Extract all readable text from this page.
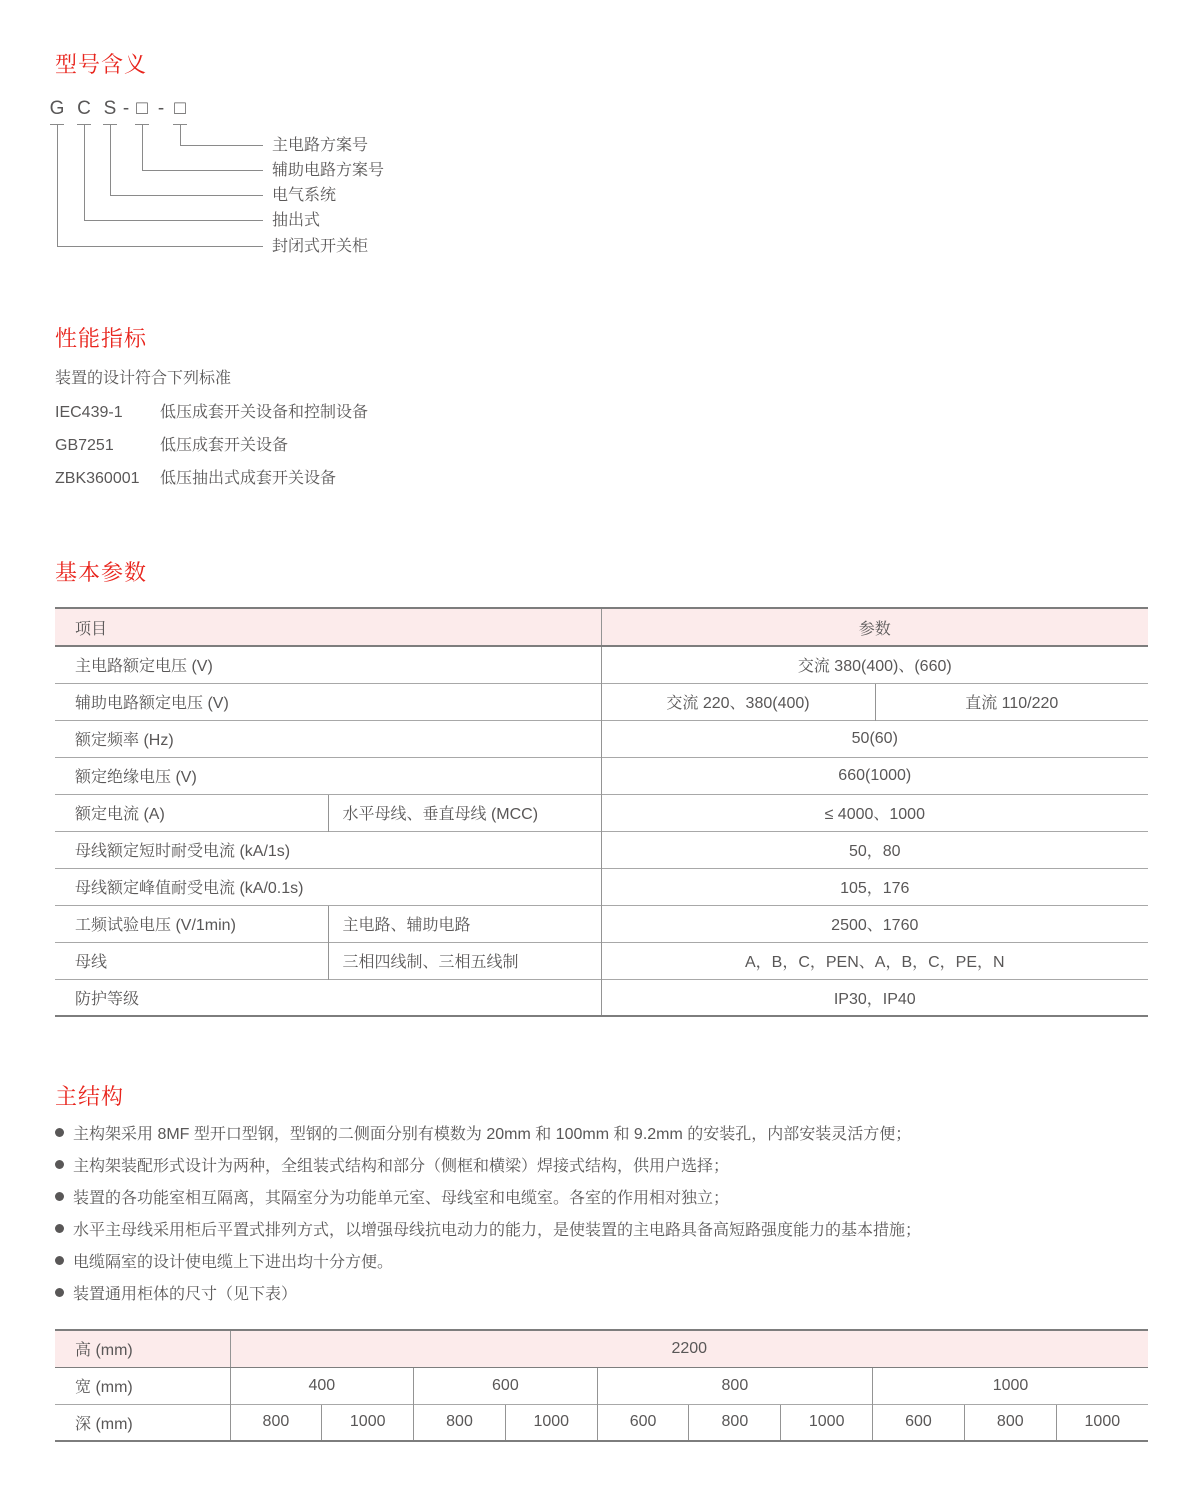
型号含义
G C S - □ - □
主电路方案号
辅助电路方案号
电气系统
抽出式
封闭式开关柜
性能指标

装置的设计符合下列标准

IEC439-1 低压成套开关设备和控制设备
GB7251	低压成套开关设备
ZBK360001 低压抽出式成套开关设备
基本参数
项目		参数	
主电路额定电压 (V)		交流 380(400)、(660)	
辅助电路额定电压 (V)		交流 220、380(400)	直流 110/220
额定频率 (Hz)		50(60)	
额定绝缘电压 (V)		660(1000)	
额定电流 (A)	水平母线、垂直母线 (MCC)	≤ 4000、1000	
母线额定短时耐受电流 (kA/1s)		50，80	
母线额定峰值耐受电流 (kA/0.1s)		105，176	
工频试验电压 (V/1min)	主电路、辅助电路	2500、1760	
母线	三相四线制、三相五线制	A，B，C，PEN、A，B，C，PE，N	
防护等级		IP30，IP40	
主结构
主构架采用 8MF 型开口型钢，型钢的二侧面分别有模数为 20mm 和 100mm 和 9.2mm 的安装孔，内部安装灵活方便；
主构架装配形式设计为两种，全组装式结构和部分（侧框和横梁）焊接式结构，供用户选择；
装置的各功能室相互隔离，其隔室分为功能单元室、母线室和电缆室。各室的作用相对独立；
水平主母线采用柜后平置式排列方式，以增强母线抗电动力的能力，是使装置的主电路具备高短路强度能力的基本措施；
电缆隔室的设计使电缆上下进出均十分方便。
装置通用柜体的尺寸（见下表）
高 (mm)	2200									
宽 (mm)	400		600		800			1000		
深 (mm)	800	1000	800	1000	600	800	1000	600	800	1000
